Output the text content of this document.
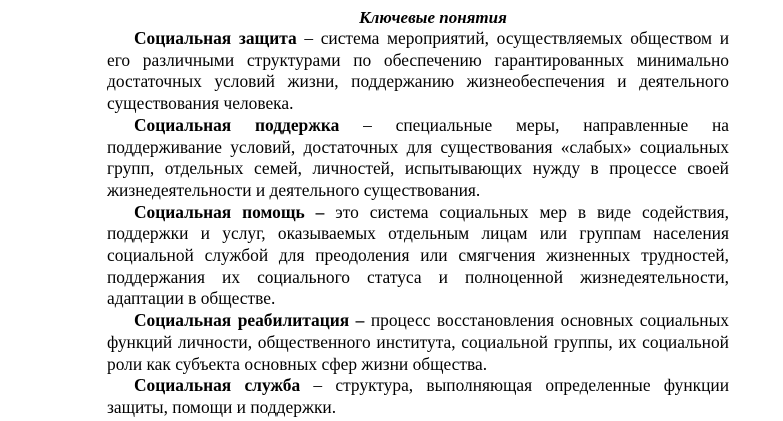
Ключевые понятия

Социальная защита – система мероприятий, осуществляемых обществом и его различными структурами по обеспечению гарантированных минимально достаточных условий жизни, поддержанию жизнеобеспечения и деятельного существования человека.

Социальная поддержка – специальные меры, направленные на поддерживание условий, достаточных для существования «слабых» социальных групп, отдельных семей, личностей, испытывающих нужду в процессе своей жизнедеятельности и деятельного существования.

Социальная помощь – это система социальных мер в виде содействия, поддержки и услуг, оказываемых отдельным лицам или группам населения социальной службой для преодоления или смягчения жизненных трудностей, поддержания их социального статуса и полноценной жизнедеятельности, адаптации в обществе.

Социальная реабилитация – процесс восстановления основных социальных функций личности, общественного института, социальной группы, их социальной роли как субъекта основных сфер жизни общества.

Социальная служба – структура, выполняющая определенные функции защиты, помощи и поддержки.
